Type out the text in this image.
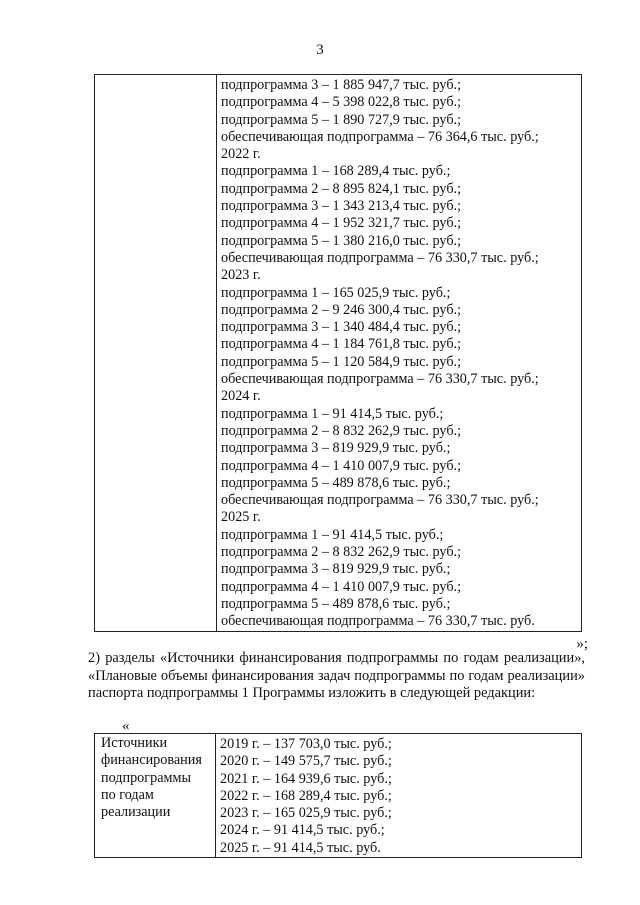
3

подпрограмма 3 – 1 885 947,7 тыс. руб.;
подпрограмма 4 – 5 398 022,8 тыс. руб.;
подпрограмма 5 – 1 890 727,9 тыс. руб.;
обеспечивающая подпрограмма – 76 364,6 тыс. руб.;
2022 г.
подпрограмма 1 – 168 289,4 тыс. руб.;
подпрограмма 2 – 8 895 824,1 тыс. руб.;
подпрограмма 3 – 1 343 213,4 тыс. руб.;
подпрограмма 4 – 1 952 321,7 тыс. руб.;
подпрограмма 5 – 1 380 216,0 тыс. руб.;
обеспечивающая подпрограмма – 76 330,7 тыс. руб.;
2023 г.
подпрограмма 1 – 165 025,9 тыс. руб.;
подпрограмма 2 – 9 246 300,4 тыс. руб.;
подпрограмма 3 – 1 340 484,4 тыс. руб.;
подпрограмма 4 – 1 184 761,8 тыс. руб.;
подпрограмма 5 – 1 120 584,9 тыс. руб.;
обеспечивающая подпрограмма – 76 330,7 тыс. руб.;
2024 г.
подпрограмма 1 – 91 414,5 тыс. руб.;
подпрограмма 2 – 8 832 262,9 тыс. руб.;
подпрограмма 3 – 819 929,9 тыс. руб.;
подпрограмма 4 – 1 410 007,9 тыс. руб.;
подпрограмма 5 – 489 878,6 тыс. руб.;
обеспечивающая подпрограмма – 76 330,7 тыс. руб.;
2025 г.
подпрограмма 1 – 91 414,5 тыс. руб.;
подпрограмма 2 – 8 832 262,9 тыс. руб.;
подпрограмма 3 – 819 929,9 тыс. руб.;
подпрограмма 4 – 1 410 007,9 тыс. руб.;
подпрограмма 5 – 489 878,6 тыс. руб.;
обеспечивающая подпрограмма – 76 330,7 тыс. руб.
»;
2) разделы «Источники финансирования подпрограммы по годам реализации», «Плановые объемы финансирования задач подпрограммы по годам реализации» паспорта подпрограммы 1 Программы изложить в следующей редакции:
«
Источники
финансирования
подпрограммы
по годам
реализации

2019 г. – 137 703,0 тыс. руб.;
2020 г. – 149 575,7 тыс. руб.;
2021 г. – 164 939,6 тыс. руб.;
2022 г. – 168 289,4 тыс. руб.;
2023 г. – 165 025,9 тыс. руб.;
2024 г. – 91 414,5 тыс. руб.;
2025 г. – 91 414,5 тыс. руб.
